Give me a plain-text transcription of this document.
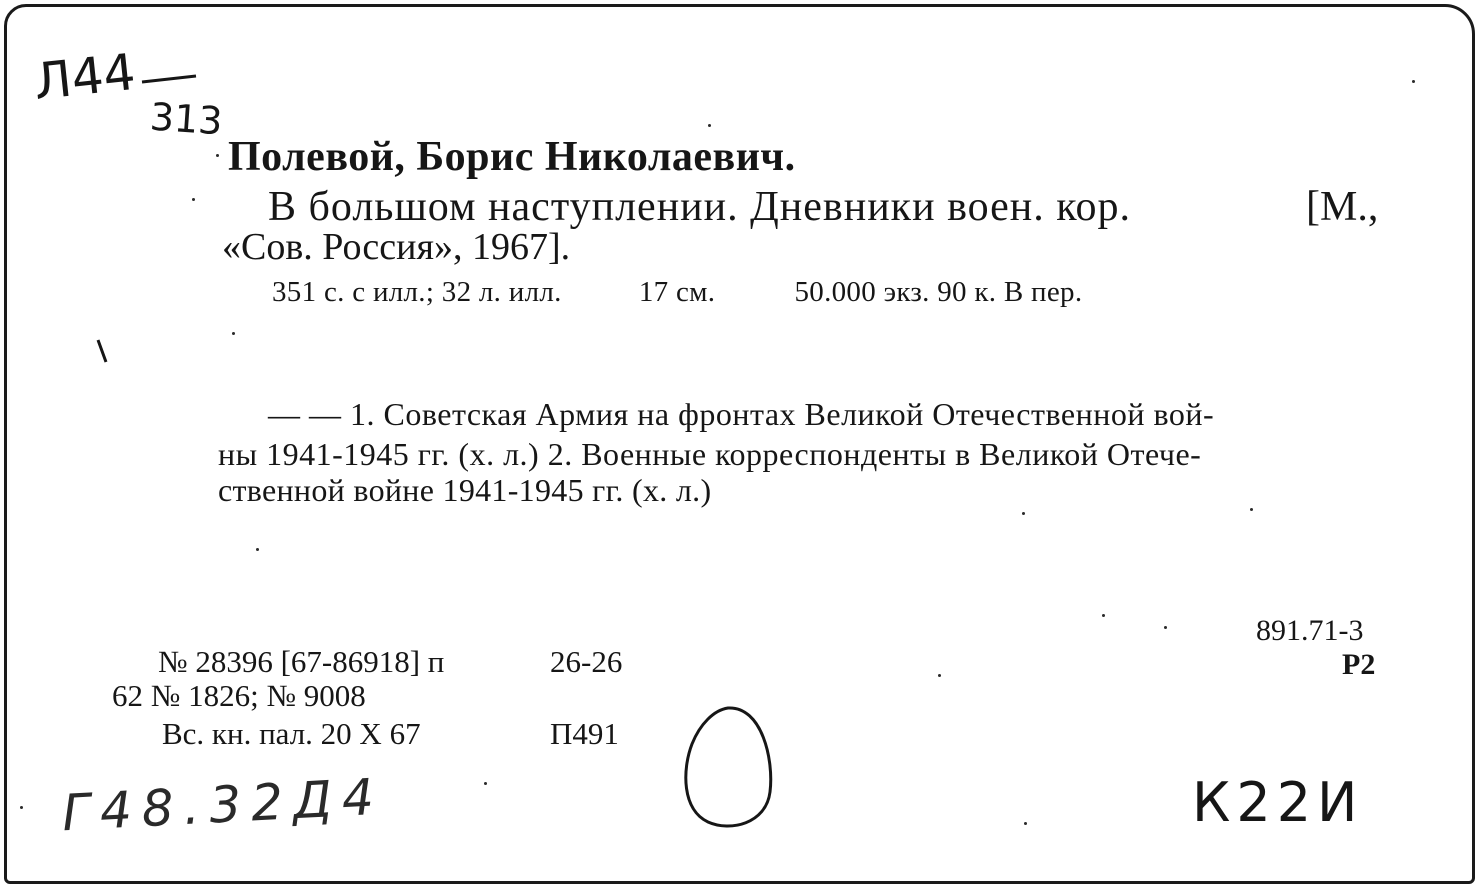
Л44
313
Полевой, Борис Николаевич.
В большом наступлении. Дневники воен. кор.	[М.,
«Сов. Россия», 1967].
351 с. с илл.; 32 л. илл.	17 см.	50.000 экз. 90 к. В пер.
— — 1. Советская Армия на фронтах Великой Отечественной вой-
ны 1941-1945 гг. (х. л.) 2. Военные корреспонденты в Великой Отече-
ственной войне 1941-1945 гг. (х. л.)
891.71-3
Р2
№ 28396 [67-86918] п	26-26
62 № 1826; № 9008
Вс. кн. пал. 20 X 67	П491
Г48.32Д4	К22И
